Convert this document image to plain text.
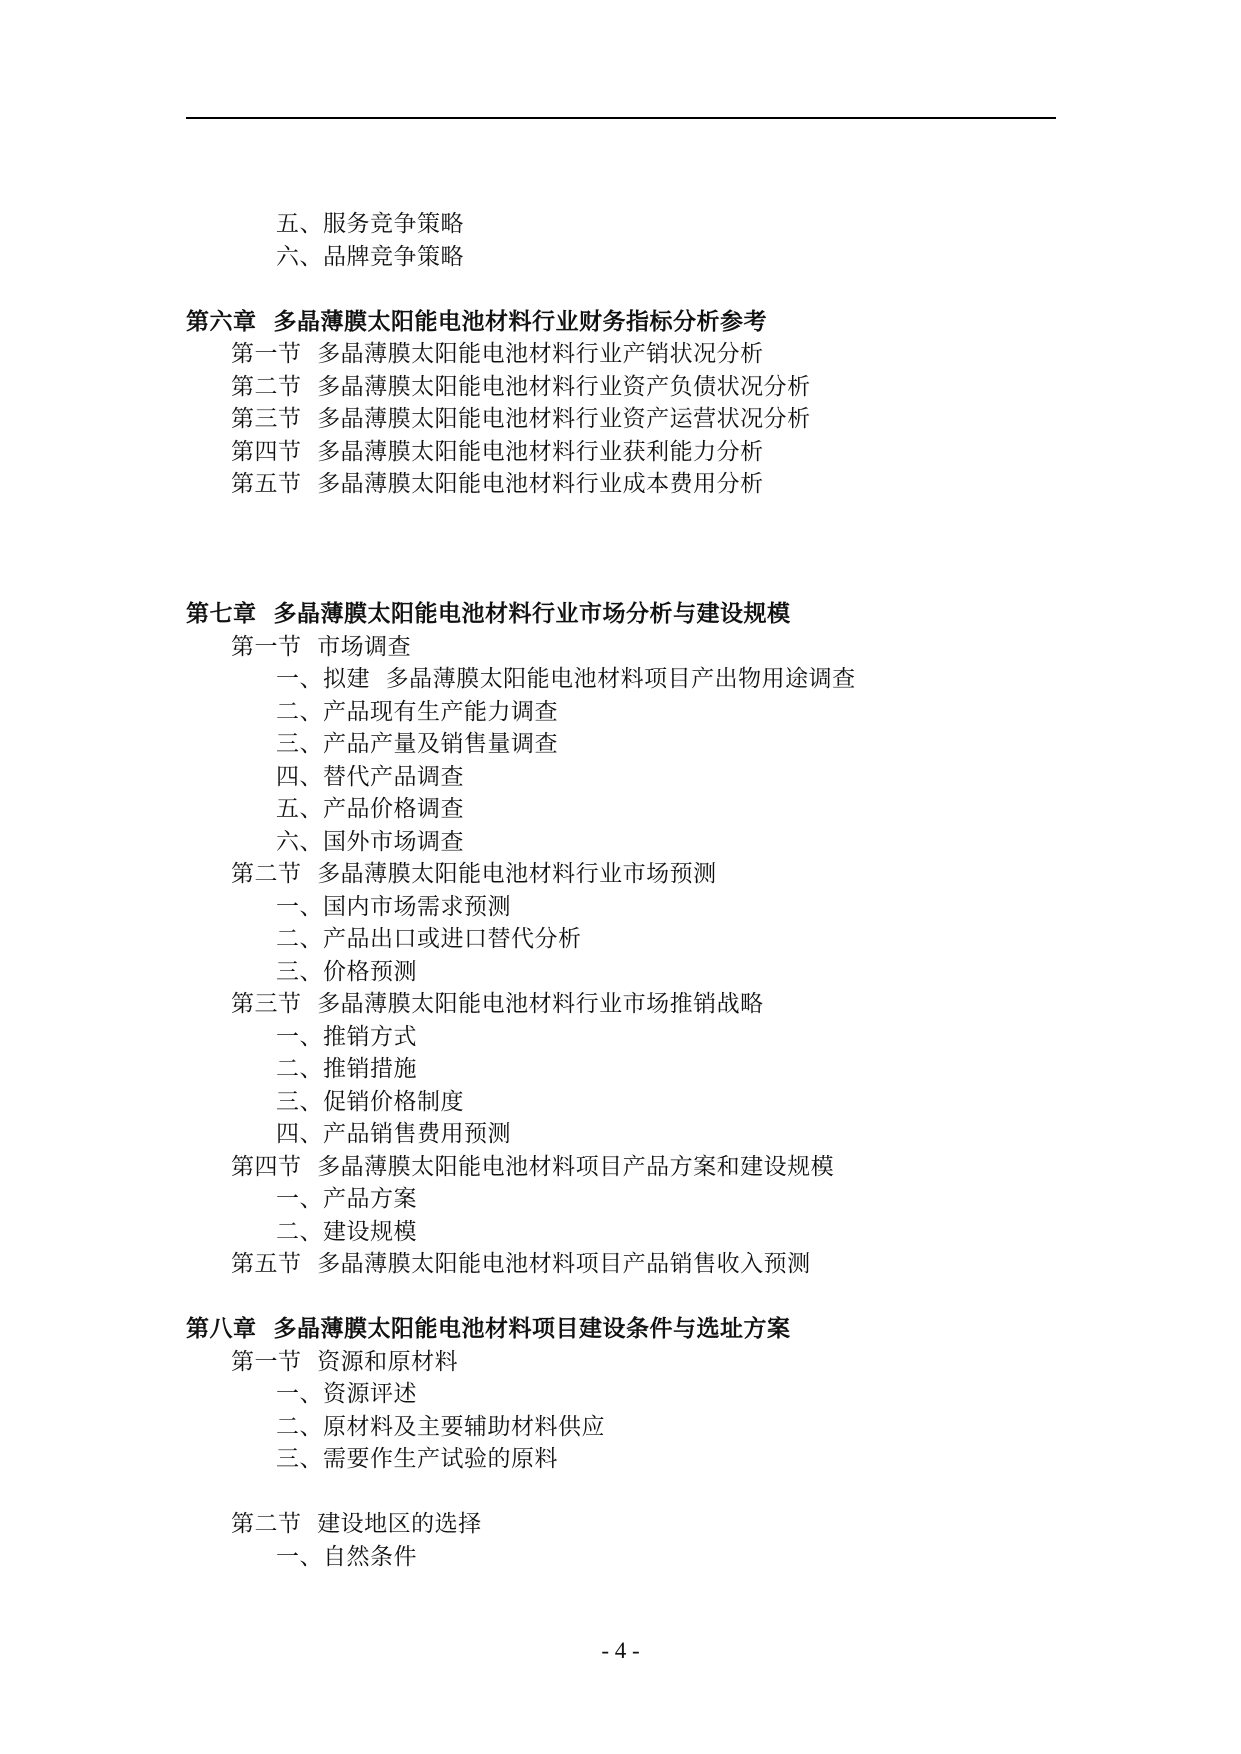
五、服务竞争策略
六、品牌竞争策略
第六章  多晶薄膜太阳能电池材料行业财务指标分析参考
第一节  多晶薄膜太阳能电池材料行业产销状况分析
第二节  多晶薄膜太阳能电池材料行业资产负债状况分析
第三节  多晶薄膜太阳能电池材料行业资产运营状况分析
第四节  多晶薄膜太阳能电池材料行业获利能力分析
第五节  多晶薄膜太阳能电池材料行业成本费用分析
第七章  多晶薄膜太阳能电池材料行业市场分析与建设规模
第一节  市场调查
一、拟建  多晶薄膜太阳能电池材料项目产出物用途调查
二、产品现有生产能力调查
三、产品产量及销售量调查
四、替代产品调查
五、产品价格调查
六、国外市场调查
第二节  多晶薄膜太阳能电池材料行业市场预测
一、国内市场需求预测
二、产品出口或进口替代分析
三、价格预测
第三节  多晶薄膜太阳能电池材料行业市场推销战略
一、推销方式
二、推销措施
三、促销价格制度
四、产品销售费用预测
第四节  多晶薄膜太阳能电池材料项目产品方案和建设规模
一、产品方案
二、建设规模
第五节  多晶薄膜太阳能电池材料项目产品销售收入预测
第八章  多晶薄膜太阳能电池材料项目建设条件与选址方案
第一节  资源和原材料
一、资源评述
二、原材料及主要辅助材料供应
三、需要作生产试验的原料
第二节  建设地区的选择
一、自然条件
- 4 -
